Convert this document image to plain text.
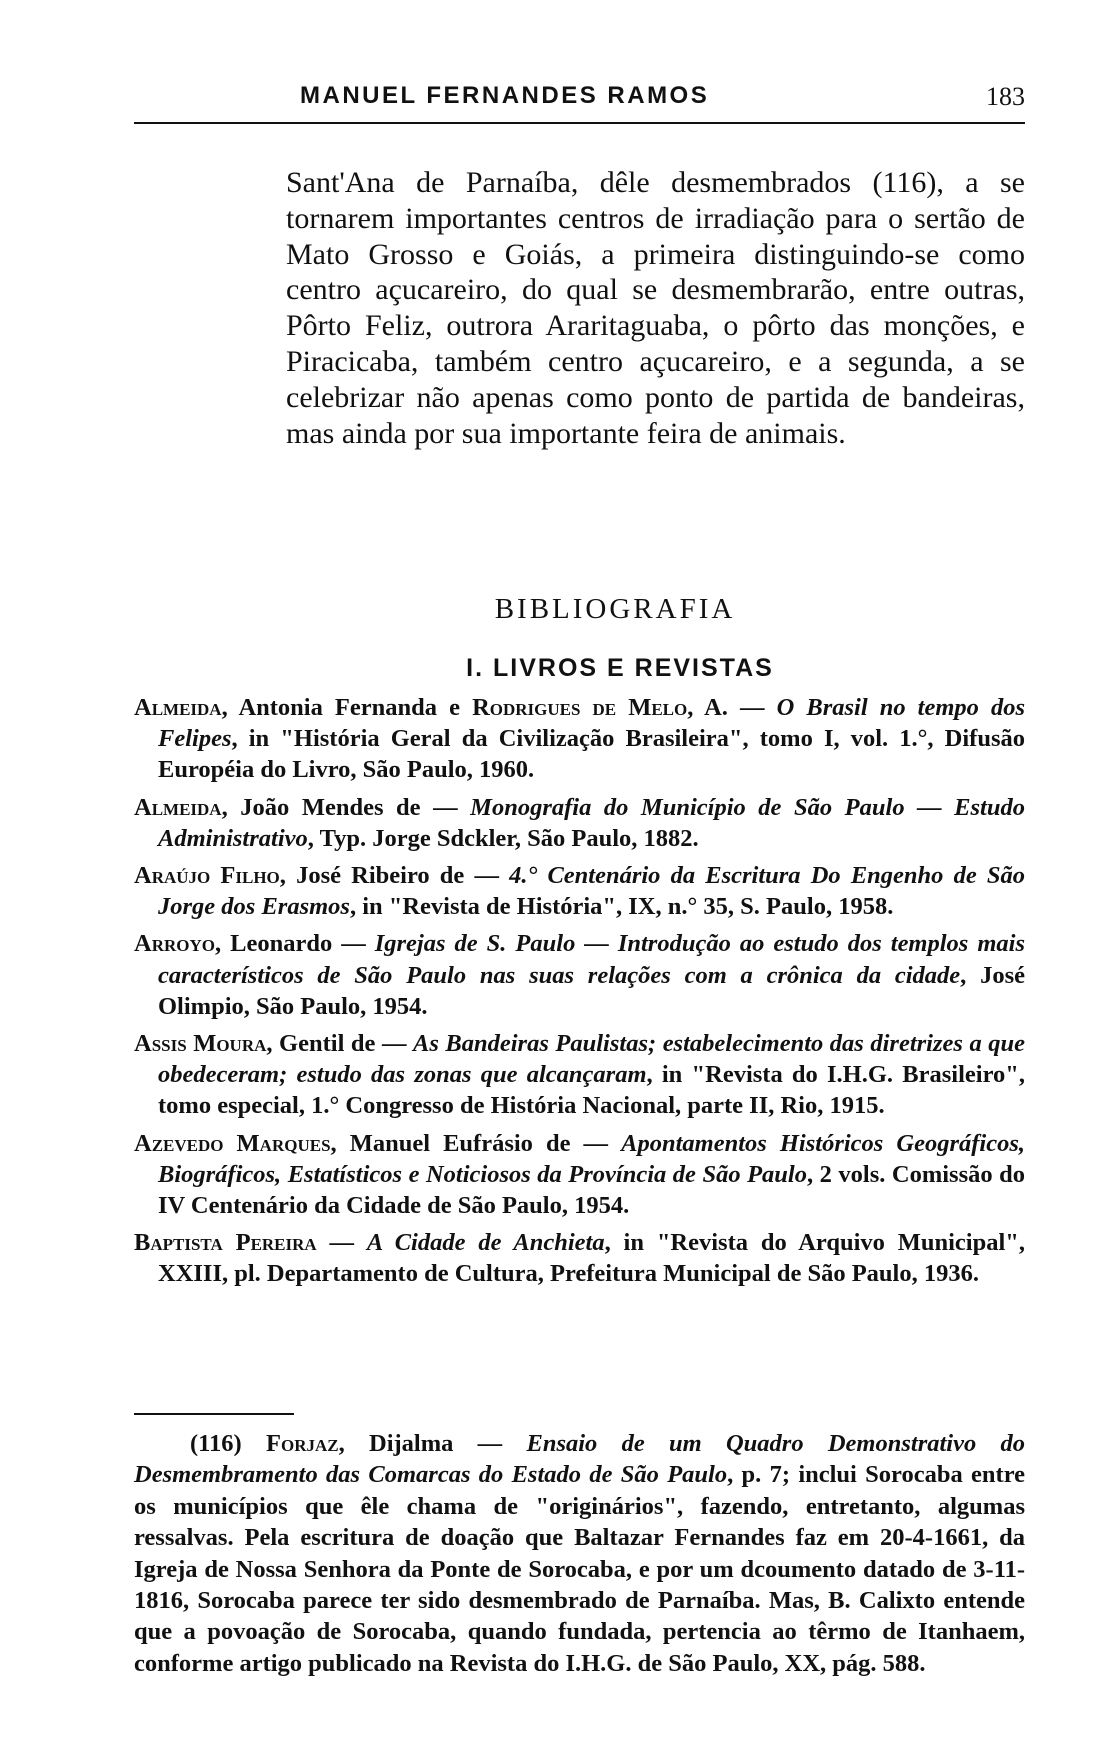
MANUEL FERNANDES RAMOS	183

Sant'Ana de Parnaíba, dêle desmembrados (116), a se tornarem importantes centros de irradiação para o sertão de Mato Grosso e Goiás, a primeira distinguindo-se como centro açucareiro, do qual se desmembrarão, entre outras, Pôrto Feliz, outrora Araritaguaba, o pôrto das monções, e Piracicaba, também centro açucareiro, e a segunda, a se celebrizar não apenas como ponto de partida de bandeiras, mas ainda por sua importante feira de animais.

BIBLIOGRAFIA
I. LIVROS E REVISTAS

Almeida, Antonia Fernanda e Rodrigues de Melo, A. — O Brasil no tempo dos Felipes, in "História Geral da Civilização Brasileira", tomo I, vol. 1.°, Difusão Européia do Livro, São Paulo, 1960.

Almeida, João Mendes de — Monografia do Município de São Paulo — Estudo Administrativo, Typ. Jorge Sdckler, São Paulo, 1882.

Araújo Filho, José Ribeiro de — 4.° Centenário da Escritura Do Engenho de São Jorge dos Erasmos, in "Revista de História", IX, n.° 35, S. Paulo, 1958.

Arroyo, Leonardo — Igrejas de S. Paulo — Introdução ao estudo dos templos mais característicos de São Paulo nas suas relações com a crônica da cidade, José Olimpio, São Paulo, 1954.

Assis Moura, Gentil de — As Bandeiras Paulistas; estabelecimento das diretrizes a que obedeceram; estudo das zonas que alcançaram, in "Revista do I.H.G. Brasileiro", tomo especial, 1.° Congresso de História Nacional, parte II, Rio, 1915.

Azevedo Marques, Manuel Eufrásio de — Apontamentos Históricos Geográficos, Biográficos, Estatísticos e Noticiosos da Província de São Paulo, 2 vols. Comissão do IV Centenário da Cidade de São Paulo, 1954.

Baptista Pereira — A Cidade de Anchieta, in "Revista do Arquivo Municipal", XXIII, pl. Departamento de Cultura, Prefeitura Municipal de São Paulo, 1936.

(116) Forjaz, Dijalma — Ensaio de um Quadro Demonstrativo do Desmembramento das Comarcas do Estado de São Paulo, p. 7; inclui Sorocaba entre os municípios que êle chama de "originários", fazendo, entretanto, algumas ressalvas. Pela escritura de doação que Baltazar Fernandes faz em 20-4-1661, da Igreja de Nossa Senhora da Ponte de Sorocaba, e por um dcoumento datado de 3-11-1816, Sorocaba parece ter sido desmembrado de Parnaíba. Mas, B. Calixto entende que a povoação de Sorocaba, quando fundada, pertencia ao têrmo de Itanhaem, conforme artigo publicado na Revista do I.H.G. de São Paulo, XX, pág. 588.
